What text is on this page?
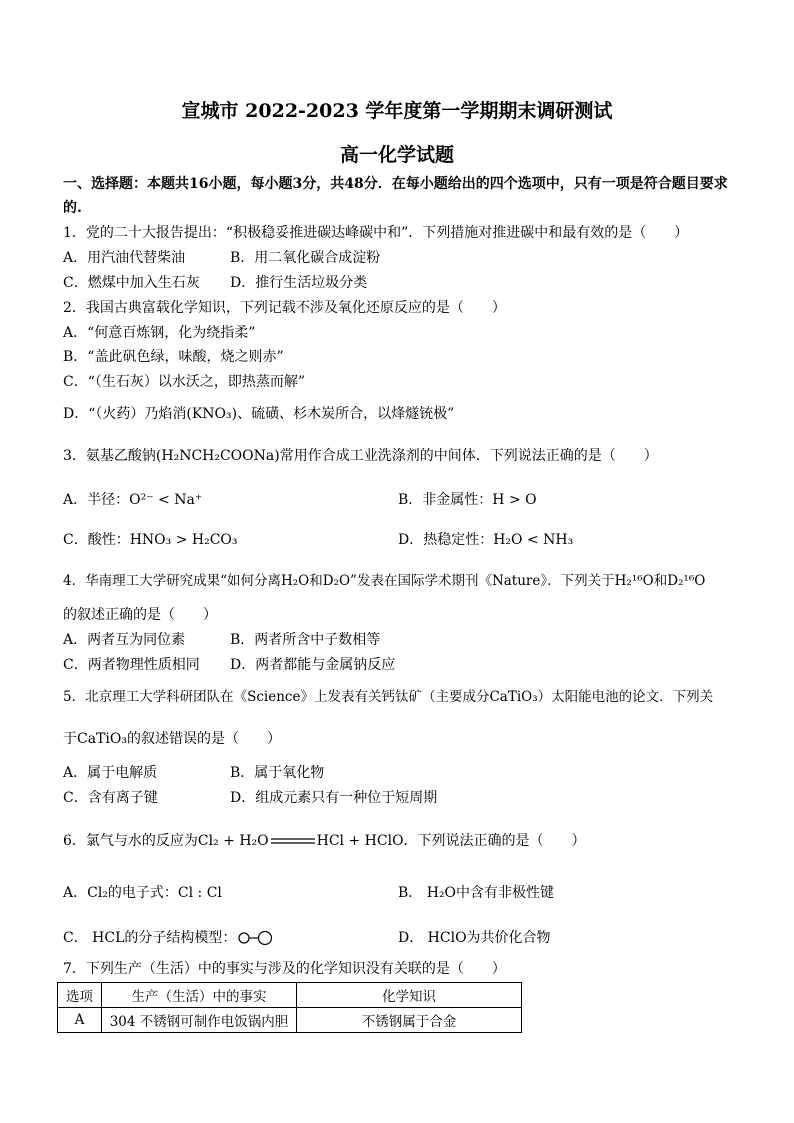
宣城市 2022-2023 学年度第一学期期末调研测试
高一化学试题
一、选择题：本题共16小题，每小题3分，共48分．在每小题给出的四个选项中，只有一项是符合题目要求的.
1．党的二十大报告提出：“积极稳妥推进碳达峰碳中和”．下列措施对推进碳中和最有效的是（　　）
A．用汽油代替柴油	B．用二氧化碳合成淀粉
C．燃煤中加入生石灰 D．推行生活垃圾分类
2．我国古典富载化学知识，下列记载不涉及氧化还原反应的是（　　）
A．“何意百炼钢，化为绕指柔”
B．“盖此矾色绿，味酸，烧之则赤”
C．“（生石灰）以水沃之，即热蒸而解”
D．“（火药）乃焰消(KNO₃)、硫磺、杉木炭所合，以烽燧铳极”
3．氨基乙酸钠(H₂NCH₂COONa)常用作合成工业洗涤剂的中间体．下列说法正确的是（　　）
A．半径：O²⁻ < Na⁺	B．非金属性：H > O
C．酸性：HNO₃ > H₂CO₃	D．热稳定性：H₂O < NH₃
4．华南理工大学研究成果“如何分离H₂O和D₂O”发表在国际学术期刊《Nature》．下列关于H₂¹⁶O和D₂¹⁶O
的叙述正确的是（　　）
A．两者互为同位素	B．两者所含中子数相等
C．两者物理性质相同 D．两者都能与金属钠反应
5．北京理工大学科研团队在《Science》上发表有关钙钛矿（主要成分CaTiO₃）太阳能电池的论文．下列关
于CaTiO₃的叙述错误的是（　　）
A．属于电解质	B．属于氧化物
C．含有离子键	D．组成元素只有一种位于短周期
6．氯气与水的反应为Cl₂ + H₂O	HCl + HClO．下列说法正确的是（　　）
A．Cl₂的电子式：Cl : Cl	B． H₂O中含有非极性键
C． HCL的分子结构模型：	D． HClO为共价化合物
7．下列生产（生活）中的事实与涉及的化学知识没有关联的是（　　）
选项	生产（生活）中的事实	化学知识
A	304 不锈钢可制作电饭锅内胆	不锈钢属于合金
